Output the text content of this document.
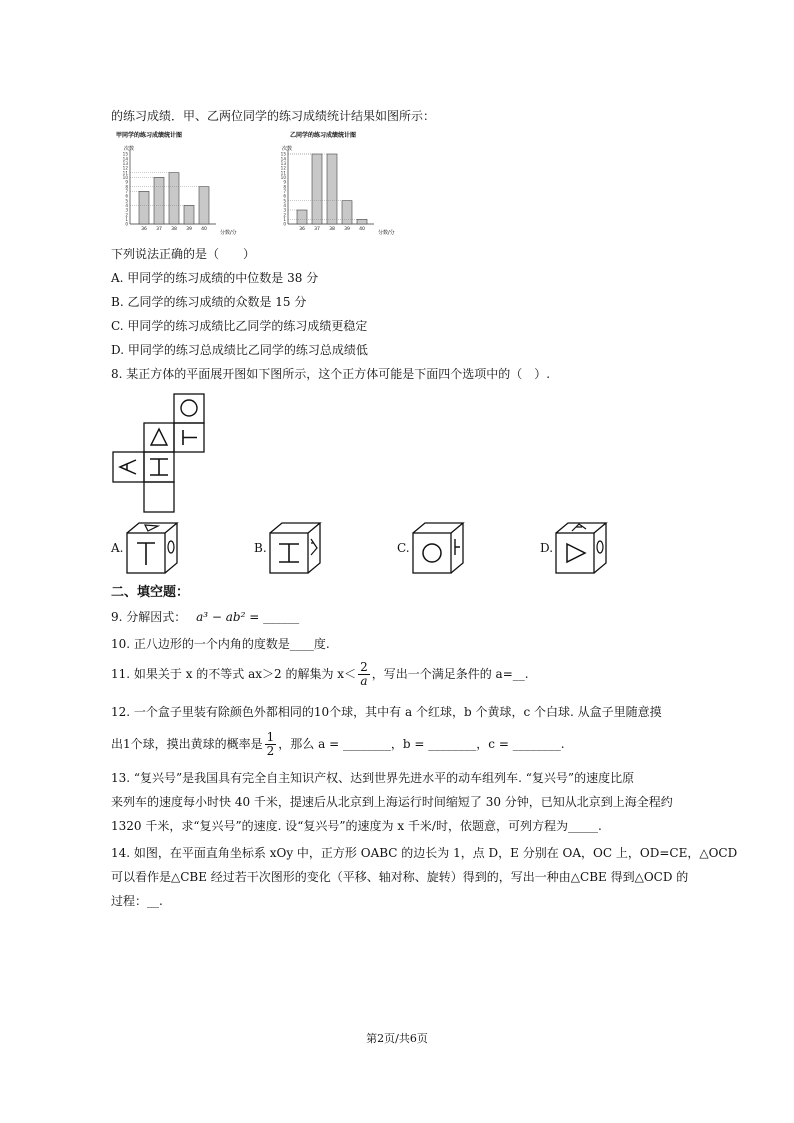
的练习成绩．甲、乙两位同学的练习成绩统计结果如图所示：
甲同学的练习成绩统计图
次数
分数/分
0
1
2
3
4
5
6
7
8
9
10
11
12
13
14
15
36 37 38 39 40
乙同学的练习成绩统计图
次数
分数/分
0
1
2
3
4
5
6
7
8
9
10
11
12
13
14
15
36 37 38 39 40
下列说法正确的是（　　）
A. 甲同学的练习成绩的中位数是 38 分
B. 乙同学的练习成绩的众数是 15 分
C. 甲同学的练习成绩比乙同学的练习成绩更稳定
D. 甲同学的练习总成绩比乙同学的练习总成绩低
8. 某正方体的平面展开图如下图所示，这个正方体可能是下面四个选项中的（　）.
A.	B.	C.	D.
二、填空题：
9. 分解因式： a³ − ab² = ______
10. 正八边形的一个内角的度数是____度.
11. 如果关于 x 的不等式 ax＞2 的解集为 $x< \frac{2}{a}$ ，写出一个满足条件的 a=__.
12. 一个盒子里装有除颜色外都相同的10个球，其中有 a 个红球，b 个黄球，c 个白球. 从盒子里随意摸
出1个球，摸出黄球的概率是 $\frac{1}{2}$ ，那么 a = ________，b = ________，c = ________.
13. “复兴号”是我国具有完全自主知识产权、达到世界先进水平的动车组列车. “复兴号”的速度比原
来列车的速度每小时快 40 千米，提速后从北京到上海运行时间缩短了 30 分钟，已知从北京到上海全程约
1320 千米，求“复兴号”的速度. 设“复兴号”的速度为 x 千米/时，依题意，可列方程为_____.
14. 如图，在平面直角坐标系 xOy 中，正方形 OABC 的边长为 1，点 D，E 分别在 OA，OC 上，OD=CE，△OCD
可以看作是△CBE 经过若干次图形的变化（平移、轴对称、旋转）得到的，写出一种由△CBE 得到△OCD 的
过程：__.
第2页/共6页
